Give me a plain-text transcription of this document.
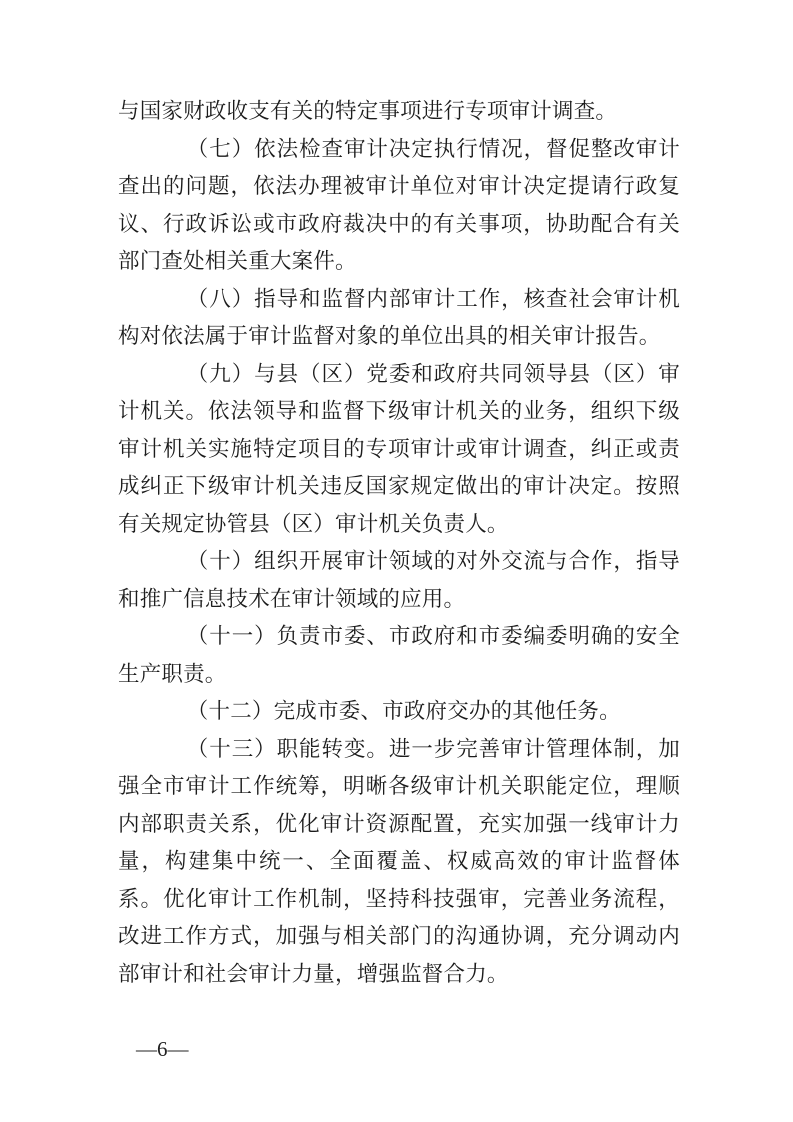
与国家财政收支有关的特定事项进行专项审计调查。

（七）依法检查审计决定执行情况，督促整改审计查出的问题，依法办理被审计单位对审计决定提请行政复议、行政诉讼或市政府裁决中的有关事项，协助配合有关部门查处相关重大案件。

（八）指导和监督内部审计工作，核查社会审计机构对依法属于审计监督对象的单位出具的相关审计报告。

（九）与县（区）党委和政府共同领导县（区）审计机关。依法领导和监督下级审计机关的业务，组织下级审计机关实施特定项目的专项审计或审计调查，纠正或责成纠正下级审计机关违反国家规定做出的审计决定。按照有关规定协管县（区）审计机关负责人。

（十）组织开展审计领域的对外交流与合作，指导和推广信息技术在审计领域的应用。

（十一）负责市委、市政府和市委编委明确的安全生产职责。

（十二）完成市委、市政府交办的其他任务。

（十三）职能转变。进一步完善审计管理体制，加强全市审计工作统筹，明晰各级审计机关职能定位，理顺内部职责关系，优化审计资源配置，充实加强一线审计力量，构建集中统一、全面覆盖、权威高效的审计监督体系。优化审计工作机制，坚持科技强审，完善业务流程，改进工作方式，加强与相关部门的沟通协调，充分调动内部审计和社会审计力量，增强监督合力。

—6—
